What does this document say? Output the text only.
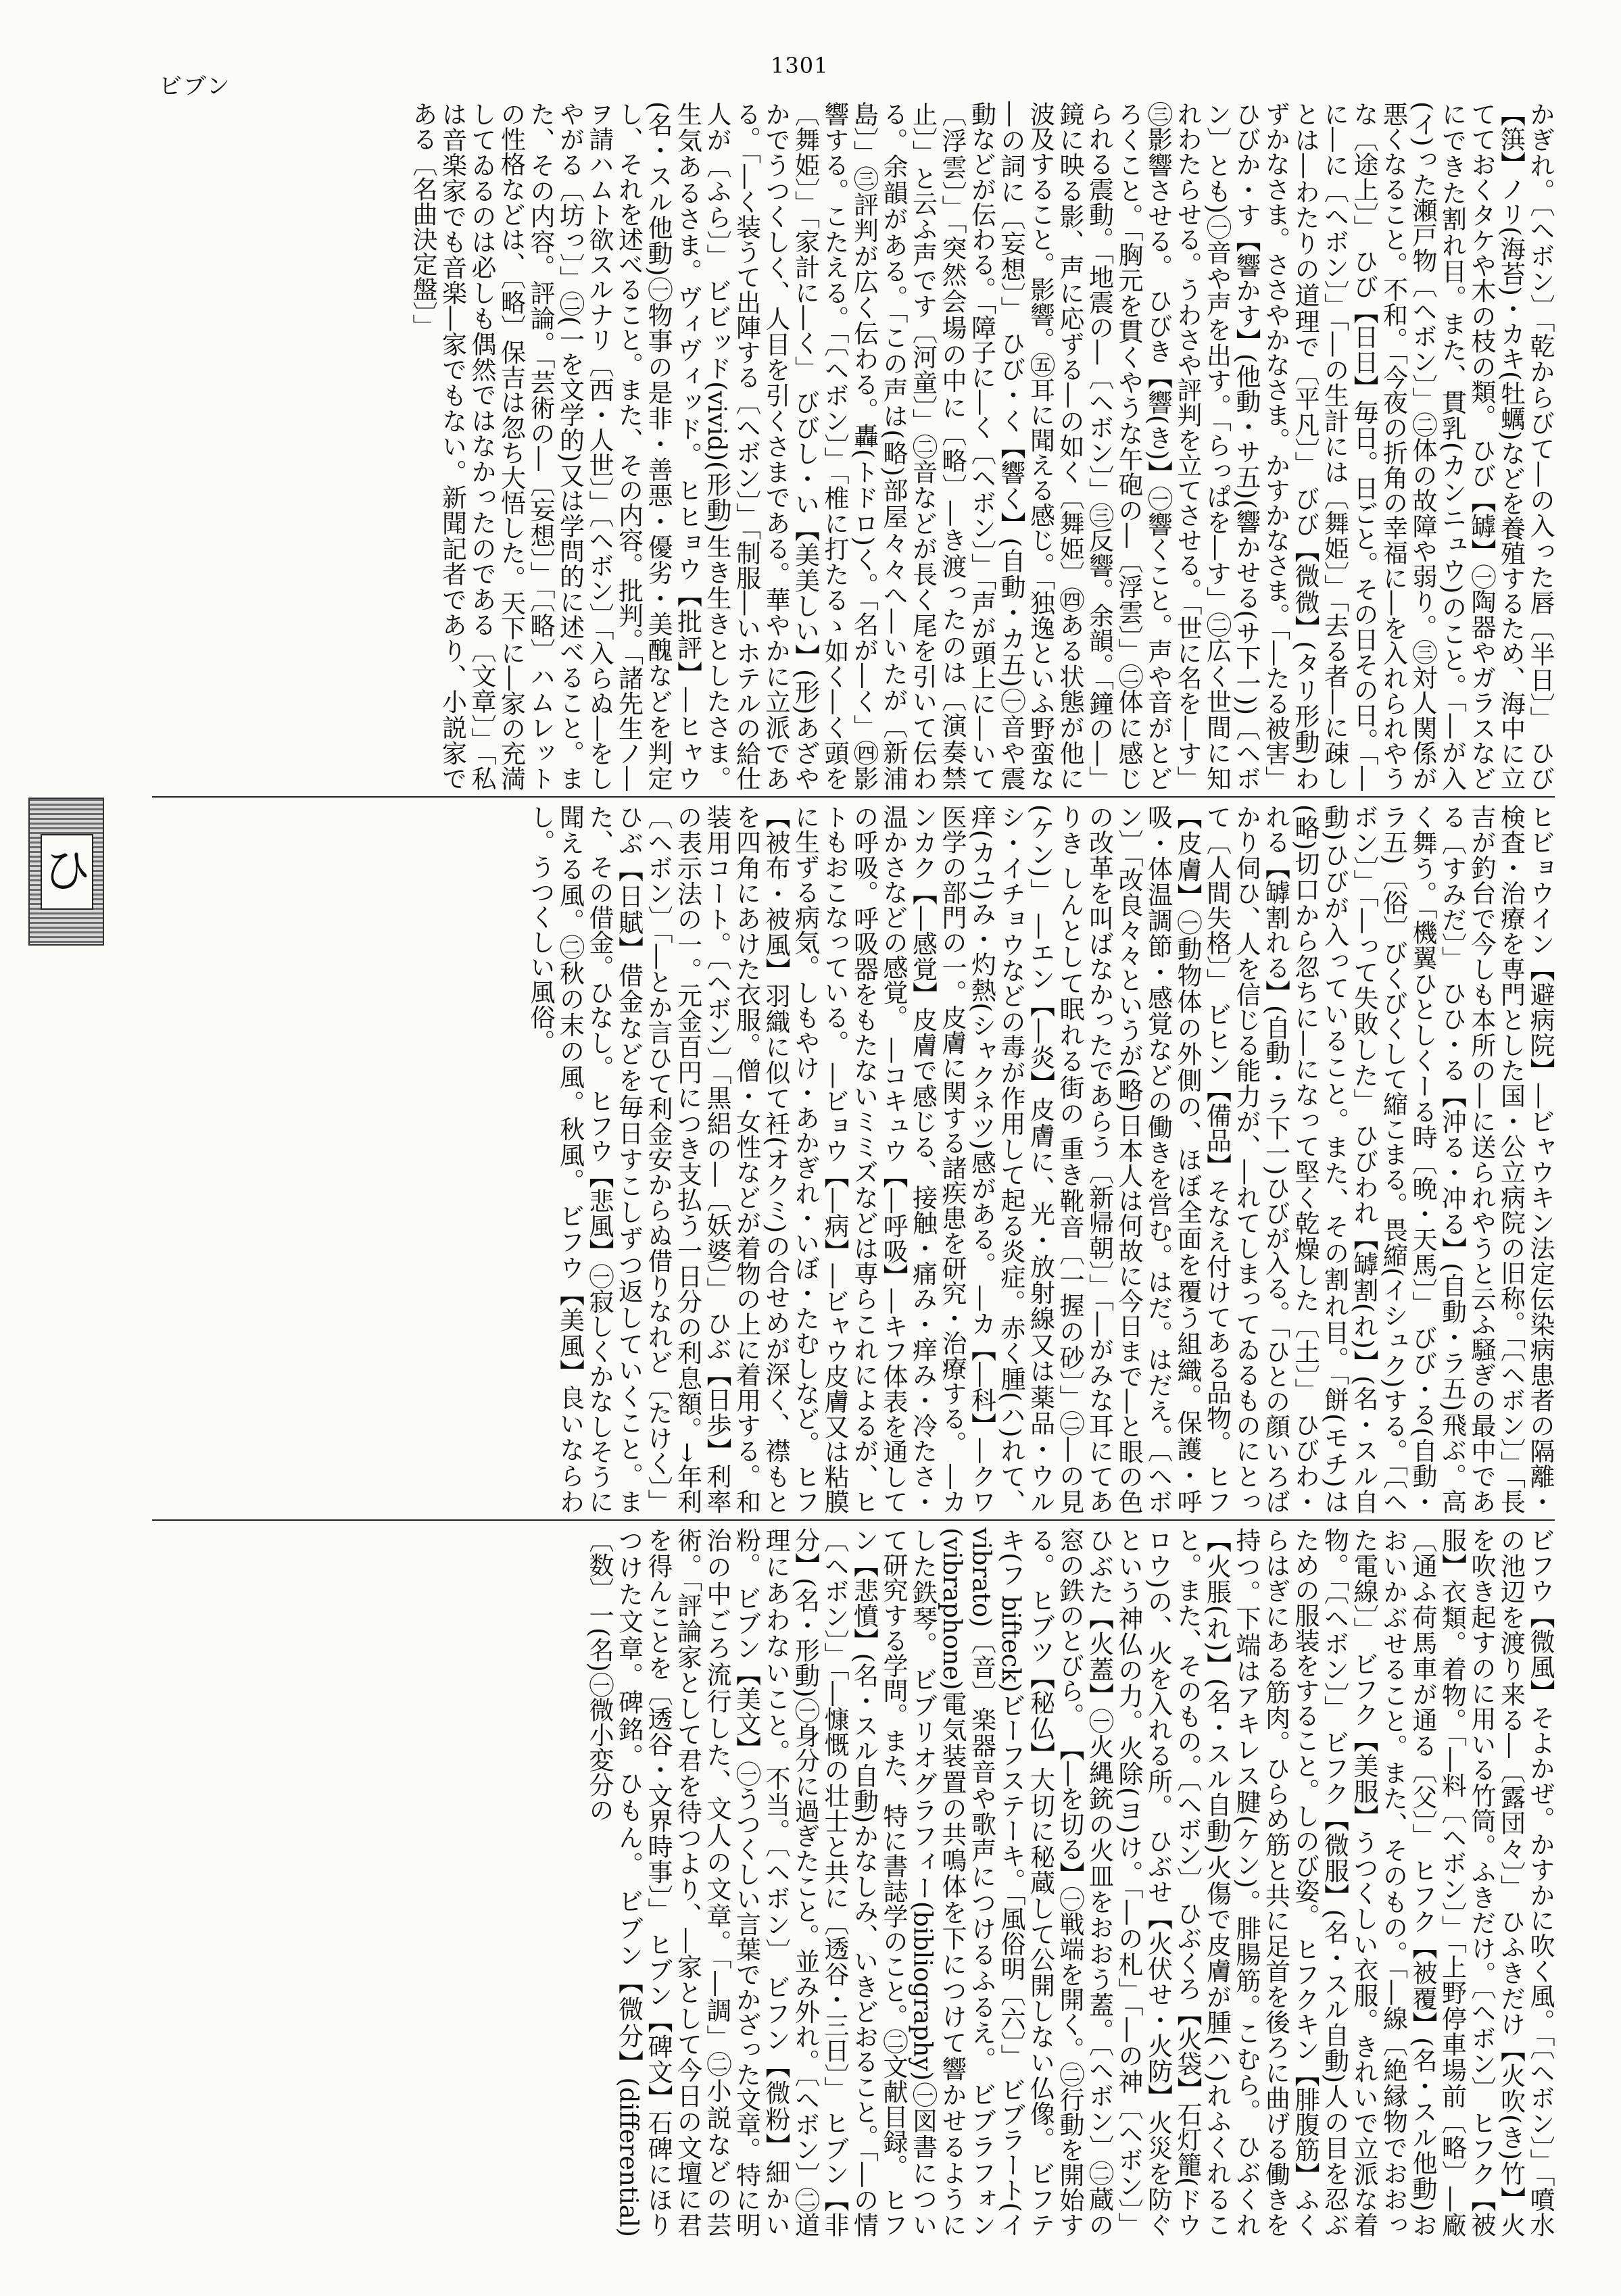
ビブン
1301

かぎれ。〔ヘボン〕「乾からびて―の入った唇〔半日〕」 ひび【篊】ノリ(海苔)・カキ(牡蠣)などを養殖するため、海中に立てておくタケや木の枝の類。 ひび【罅】㊀陶器やガラスなどにできた割れ目。また、貫乳(カンニュウ)のこと。「―が入(イ)った瀬戸物〔ヘボン〕」㊁体の故障や弱り。㊂対人関係が悪くなること。不和。「今夜の折角の幸福に―を入れられやうな〔途上〕」 ひび【日日】毎日。日ごと。その日その日。「―に―に〔ヘボン〕」「―の生計には〔舞姫〕」「去る者―に疎しとは―わたりの道理で〔平凡〕」 びび【微微】(タリ形動)わずかなさま。ささやかなさま。かすかなさま。「―たる被害」 ひびか・す【響かす】(他動・サ五)(響かせる(サ下一))〔ヘボン〕とも)㊀音や声を出す。「らっぱを―す」㊁広く世間に知れわたらせる。うわさや評判を立てさせる。「世に名を―す」㊂影響させる。 ひびき【響(き)】㊀響くこと。声や音がとどろくこと。「胸元を貫くやうな午砲の―〔浮雲〕」㊁体に感じられる震動。「地震の―〔ヘボン〕」㊂反響。余韻。「鐘の―」鏡に映る影、声に応ずる―の如く〔舞姫〕㊃ある状態が他に波及すること。影響。㊄耳に聞える感じ。「独逸といふ野蛮な―の詞に〔妄想〕」 ひび・く【響く】(自動・カ五)㊀音や震動などが伝わる。「障子に―く〔ヘボン〕」「声が頭上に―いて〔浮雲〕」「突然会場の中に〔略〕―き渡ったのは〔演奏禁止〕」と云ふ声です〔河童〕」㊁音などが長く尾を引いて伝わる。余韻がある。「この声は(略)部屋々々へ―いたが〔新浦島〕」㊂評判が広く伝わる。轟(トドロ)く。「名が―く」㊃影響する。こたえる。「〔ヘボン〕」「椎に打たるゝ如く―く頭を〔舞姫〕」「家計に―く」 びびし・い【美美しい】(形)あざやかでうつくしく、人目を引くさまである。華やかに立派である。「―く装うて出陣する〔ヘボン〕」「制服―いホテルの給仕人が〔ふら〕」 ビビッド(vivid)(形動)生き生きとしたさま。生気あるさま。ヴィヴィッド。 ヒヒョウ【批評】―ヒャウ(名・スル他動)㊀物事の是非・善悪・優劣・美醜などを判定し、それを述べること。また、その内容。批判。「諸先生ノ―ヲ請ハムト欲スルナリ〔西・人世〕」〔ヘボン〕「入らぬ―をしやがる〔坊っ〕」㊁(一を文学的)又は学問的に述べること。また、その内容。評論。「芸術の―〔妄想〕」「〔略〕ハムレットの性格などは、〔略〕保吉は忽ち大悟した。天下に―家の充満してゐるのは必しも偶然ではなかったのである〔文章〕」「私は音楽家でも音楽―家でもない。新聞記者であり、小説家である〔名曲決定盤〕」

ヒビョウイン【避病院】―ビャウキン法定伝染病患者の隔離・検査・治療を専門とした国・公立病院の旧称。「〔ヘボン〕」「長吉が釣台で今しも本所の―に送られやうと云ふ騒ぎの最中である〔すみだ〕」 ひひ・る【沖る・冲る】(自動・ラ五)飛ぶ。高く舞う。「機翼ひとしくーる時〔晩・天馬〕」 びび・る(自動・ラ五)〔俗〕びくびくして縮こまる。畏縮(イシュク)する。「〔ヘボン〕」「―って失敗した」 ひびわれ【罅割(れ)】(名・スル自動)ひびが入っていること。また、その割れ目。「餅(モチ)は(略)切口から忽ちに―になって堅く乾燥した〔土〕」 ひびわ・れる【罅割れる】(自動・ラ下一)ひびが入る。「ひとの顔いろばかり伺ひ、人を信じる能力が、―れてしまってゐるものにとって〔人間失格〕」 ビヒン【備品】そなえ付けてある品物。 ヒフ【皮膚】㊀動物体の外側の、ほぼ全面を覆う組織。保護・呼吸・体温調節・感覚などの働きを営む。はだ。はだえ。〔ヘボン〕「改良々々というが(略)日本人は何故に今日まで―と眼の色の改革を叫ばなかったであらう〔新帰朝〕」「―がみな耳にてありき しんとして眠れる街の 重き靴音〔一握の砂〕」㊁―の見(ケン)」 ―エン【―炎】皮膚に、光・放射線又は薬品・ウルシ・イチョウなどの毒が作用して起る炎症。赤く腫(ハ)れて、痒(カユ)み・灼熱(シャクネツ)感がある。 ―カ【―科】―クワ医学の部門の一。皮膚に関する諸疾患を研究・治療する。 ―カンカク【―感覚】皮膚で感じる、接触・痛み・痒み・冷たさ・温かさなどの感覚。 ―コキュウ【―呼吸】―キフ体表を通しての呼吸。呼吸器をもたないミミズなどは専らこれによるが、ヒトもおこなっている。 ―ビョウ【―病】―ビャウ皮膚又は粘膜に生ずる病気。しもやけ・あかぎれ・いぼ・たむしなど。 ヒフ【被布・被風】羽織に似て衽(オクミ)の合せめが深く、襟もとを四角にあけた衣服。僧・女性などが着物の上に着用する。和装用コート。〔ヘボン〕「黒絽の―〔妖婆〕」 ひぶ【日歩】利率の表示法の一。元金百円につき支払う一日分の利息額。→年利〔ヘボン〕「―とか言ひて利金安からぬ借りなれど〔たけく〕」 ひぶ【日賦】借金などを毎日すこしずつ返していくこと。また、その借金。ひなし。 ヒフウ【悲風】㊀寂しくかなしそうに聞える風。㊁秋の末の風。秋風。 ビフウ【美風】良いならわし。うつくしい風俗。

ビフウ【微風】そよかぜ。かすかに吹く風。「〔ヘボン〕」「噴水の池辺を渡り来る―〔露団々〕」 ひふきだけ【火吹(き)竹】火を吹き起すのに用いる竹筒。ふきだけ。〔ヘボン〕 ヒフク【被服】衣類。着物。「―料〔ヘボン〕」「上野停車場前〔略〕―廠〔通ふ荷馬車が通る〔父〕」 ヒフク【被覆】(名・スル他動)おおいかぶせること。また、そのもの。「―線〔絶縁物でおおった電線〕」 ビフク【美服】うつくしい衣服。きれいで立派な着物。「〔ヘボン〕」 ビフク【微服】(名・スル自動)人の目を忍ぶための服装をすること。しのび姿。 ヒフクキン【腓腹筋】ふくらはぎにある筋肉。ひらめ筋と共に足首を後ろに曲げる働きを持つ。下端はアキレス腱(ケン)。腓腸筋。こむら。 ひぶくれ【火脹(れ)】(名・スル自動)火傷で皮膚が腫(ハ)れふくれること。また、そのもの。〔ヘボン〕 ひぶくろ【火袋】石灯籠(ドウロウ)の、火を入れる所。 ひぶせ【火伏せ・火防】火災を防ぐという神仏の力。火除(ヨ)け。「―の札」「―の神〔ヘボン〕」 ひぶた【火蓋】㊀火縄銃の火皿をおおう蓋。〔ヘボン〕㊁蔵の窓の鉄のとびら。 【―を切る】㊀戦端を開く。㊁行動を開始する。 ヒブツ【秘仏】大切に秘蔵して公開しない仏像。 ビフテキ(フ bifteck)ビーフステーキ。「風俗明〔六〕」 ビブラート(イ vibrato)〔音〕楽器音や歌声につけるふるえ。 ビブラフォン(vibraphone)電気装置の共鳴体を下につけて響かせるようにした鉄琴。 ビブリオグラフィー(bibliography)㊀図書について研究する学問。また、特に書誌学のこと。㊁文献目録。 ヒフン【悲憤】(名・スル自動)かなしみ、いきどおること。「―の情〔ヘボン〕」「―慷慨の壮士と共に〔透谷・三日〕」 ヒブン【非分】(名・形動)㊀身分に過ぎたこと。並み外れ。〔ヘボン〕㊁道理にあわないこと。不当。〔ヘボン〕 ビフン【微粉】細かい粉。 ビブン【美文】㊀うつくしい言葉でかざった文章。特に明治の中ごろ流行した、文人の文章。「―調」㊁小説などの芸術。「評論家として君を待つより、―家として今日の文壇に君を得んことを〔透谷・文界時事〕」 ヒブン【碑文】石碑にほりつけた文章。碑銘。ひもん。 ビブン【微分】(differential)〔数〕一(名)㊀微小変分の

ひ
